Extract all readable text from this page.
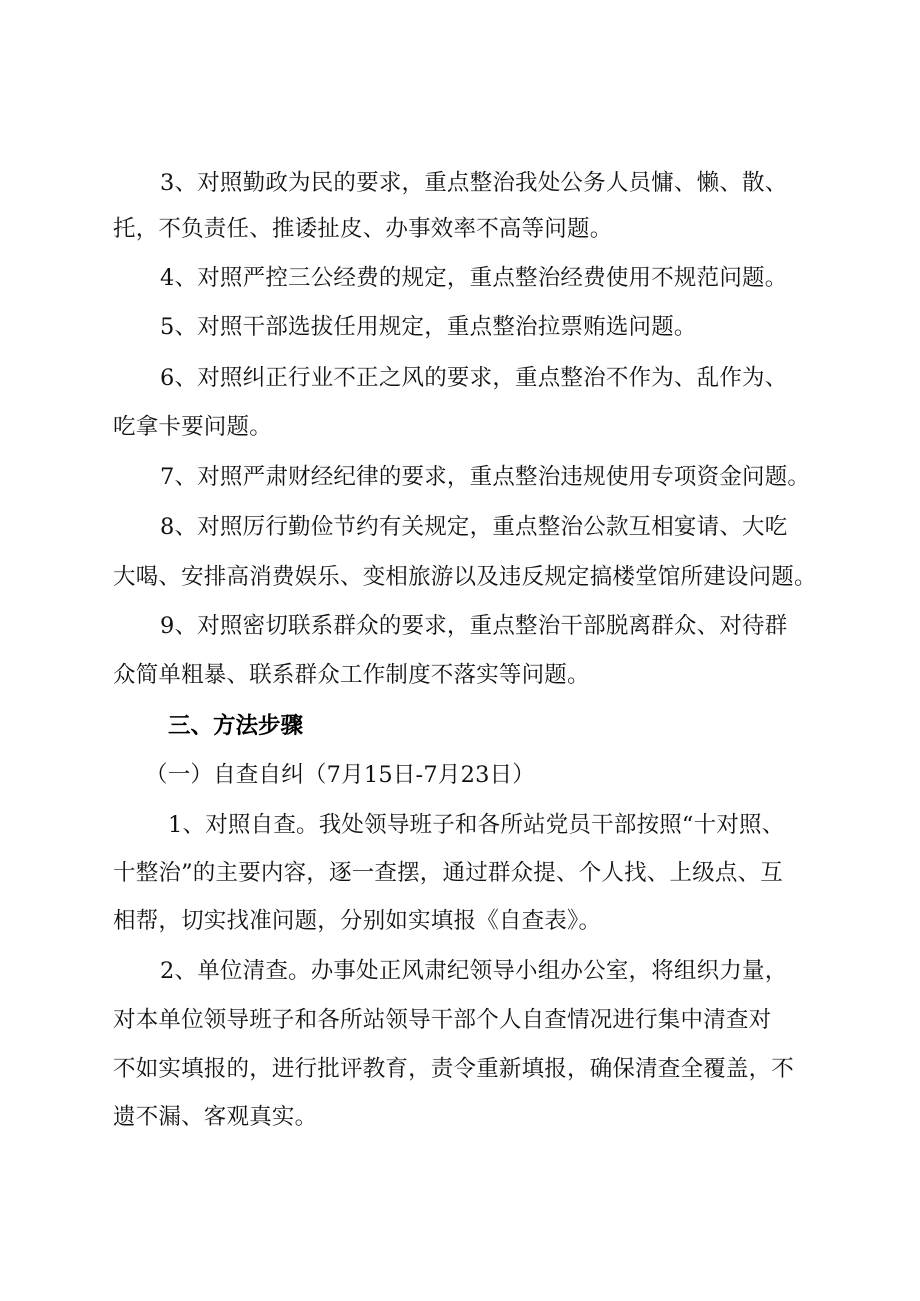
3、对照勤政为民的要求，重点整治我处公务人员慵、懒、散、
托，不负责任、推诿扯皮、办事效率不高等问题。
4、对照严控三公经费的规定，重点整治经费使用不规范问题。
5、对照干部选拔任用规定，重点整治拉票贿选问题。
6、对照纠正行业不正之风的要求，重点整治不作为、乱作为、
吃拿卡要问题。
7、对照严肃财经纪律的要求，重点整治违规使用专项资金问题。
8、对照厉行勤俭节约有关规定，重点整治公款互相宴请、大吃
大喝、安排高消费娱乐、变相旅游以及违反规定搞楼堂馆所建设问题。
9、对照密切联系群众的要求，重点整治干部脱离群众、对待群
众简单粗暴、联系群众工作制度不落实等问题。
三、方法步骤
（一）自查自纠（7月15日-7月23日）
1、对照自查。我处领导班子和各所站党员干部按照“十对照、
十整治”的主要内容，逐一查摆，通过群众提、个人找、上级点、互
相帮，切实找准问题，分别如实填报《自查表》。
2、单位清查。办事处正风肃纪领导小组办公室，将组织力量，
对本单位领导班子和各所站领导干部个人自查情况进行集中清查对
不如实填报的，进行批评教育，责令重新填报，确保清查全覆盖，不
遗不漏、客观真实。
